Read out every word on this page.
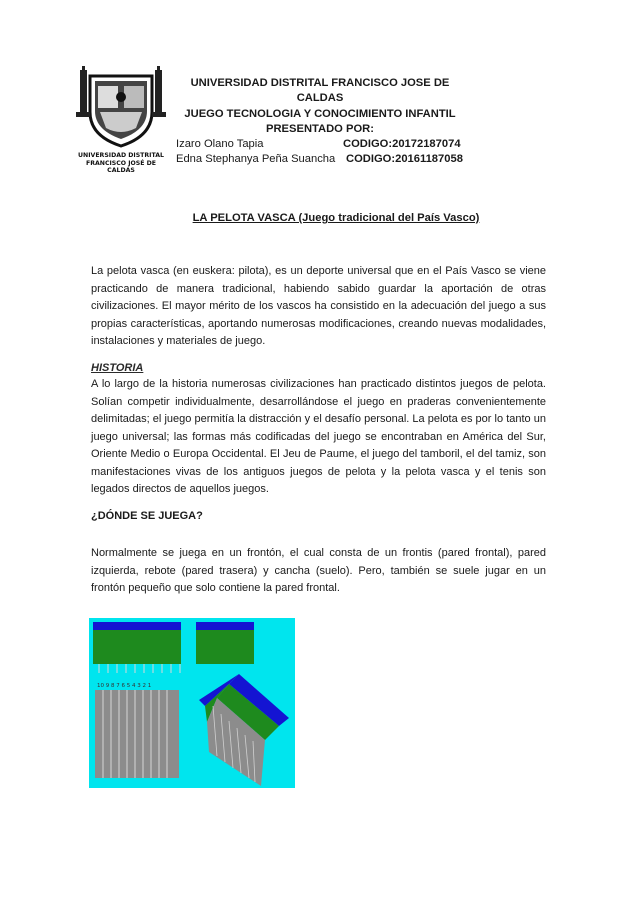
UNIVERSIDAD DISTRITAL
FRANCISCO JOSÉ DE CALDAS
UNIVERSIDAD DISTRITAL FRANCISCO JOSE DE CALDAS
JUEGO TECNOLOGIA Y CONOCIMIENTO INFANTIL
PRESENTADO POR:
Izaro Olano Tapia	CODIGO:20172187074
Edna Stephanya Peña Suancha CODIGO:20161187058
LA PELOTA VASCA (Juego tradicional del País Vasco)

La pelota vasca (en euskera: pilota), es un deporte universal que en el País Vasco se viene practicando de manera tradicional, habiendo sabido guardar la aportación de otras civilizaciones. El mayor mérito de los vascos ha consistido en la adecuación del juego a sus propias características, aportando numerosas modificaciones, creando nuevas modalidades, instalaciones y materiales de juego.

HISTORIA

A lo largo de la historia numerosas civilizaciones han practicado distintos juegos de pelota. Solían competir individualmente, desarrollándose el juego en praderas convenientemente delimitadas; el juego permitía la distracción y el desafío personal. La pelota es por lo tanto un juego universal; las formas más codificadas del juego se encontraban en América del Sur, Oriente Medio o Europa Occidental. El Jeu de Paume, el juego del tamboril, el del tamiz, son manifestaciones vivas de los antiguos juegos de pelota y la pelota vasca y el tenis son legados directos de aquellos juegos.

¿DÓNDE SE JUEGA?

Normalmente se juega en un frontón, el cual consta de un frontis (pared frontal), pared izquierda, rebote (pared trasera) y cancha (suelo). Pero, también se suele jugar en un frontón pequeño que solo contiene la pared frontal.

10 9 8 7 6 5 4 3 2 1
